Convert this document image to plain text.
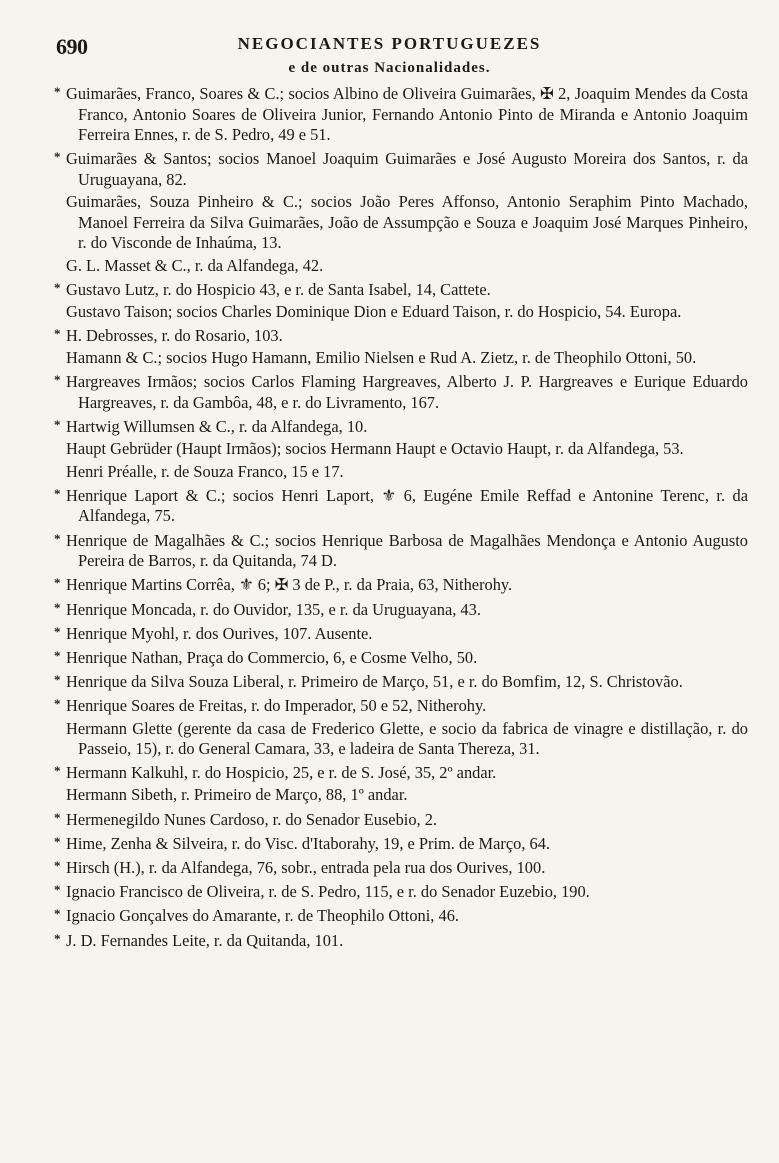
690	NEGOCIANTES PORTUGUEZES
e de outras Nacionalidades.

* Guimarães, Franco, Soares & C.; socios Albino de Oliveira Guimarães, ✠ 2, Joaquim Mendes da Costa Franco, Antonio Soares de Oliveira Junior, Fernando Antonio Pinto de Miranda e Antonio Joaquim Ferreira Ennes, r. de S. Pedro, 49 e 51.

* Guimarães & Santos; socios Manoel Joaquim Guimarães e José Augusto Moreira dos Santos, r. da Uruguayana, 82.

Guimarães, Souza Pinheiro & C.; socios João Peres Affonso, Antonio Seraphim Pinto Machado, Manoel Ferreira da Silva Guimarães, João de Assumpção e Souza e Joaquim José Marques Pinheiro, r. do Visconde de Inhaúma, 13.

G. L. Masset & C., r. da Alfandega, 42.

* Gustavo Lutz, r. do Hospicio 43, e r. de Santa Isabel, 14, Cattete.

Gustavo Taison; socios Charles Dominique Dion e Eduard Taison, r. do Hospicio, 54. Europa.

* H. Debrosses, r. do Rosario, 103.

Hamann & C.; socios Hugo Hamann, Emilio Nielsen e Rud A. Zietz, r. de Theophilo Ottoni, 50.

* Hargreaves Irmãos; socios Carlos Flaming Hargreaves, Alberto J. P. Hargreaves e Eurique Eduardo Hargreaves, r. da Gambôa, 48, e r. do Livramento, 167.

* Hartwig Willumsen & C., r. da Alfandega, 10.

Haupt Gebrüder (Haupt Irmãos); socios Hermann Haupt e Octavio Haupt, r. da Alfandega, 53.

Henri Préalle, r. de Souza Franco, 15 e 17.

* Henrique Laport & C.; socios Henri Laport, ⚜ 6, Eugéne Emile Reffad e Antonine Terenc, r. da Alfandega, 75.

* Henrique de Magalhães & C.; socios Henrique Barbosa de Magalhães Mendonça e Antonio Augusto Pereira de Barros, r. da Quitanda, 74 D.

* Henrique Martins Corrêa, ⚜ 6; ✠ 3 de P., r. da Praia, 63, Nitherohy.

* Henrique Moncada, r. do Ouvidor, 135, e r. da Uruguayana, 43.

* Henrique Myohl, r. dos Ourives, 107. Ausente.

* Henrique Nathan, Praça do Commercio, 6, e Cosme Velho, 50.

* Henrique da Silva Souza Liberal, r. Primeiro de Março, 51, e r. do Bomfim, 12, S. Christovão.

* Henrique Soares de Freitas, r. do Imperador, 50 e 52, Nitherohy.

Hermann Glette (gerente da casa de Frederico Glette, e socio da fabrica de vinagre e distillação, r. do Passeio, 15), r. do General Camara, 33, e ladeira de Santa Thereza, 31.

* Hermann Kalkuhl, r. do Hospicio, 25, e r. de S. José, 35, 2º andar.

Hermann Sibeth, r. Primeiro de Março, 88, 1º andar.

* Hermenegildo Nunes Cardoso, r. do Senador Eusebio, 2.

* Hime, Zenha & Silveira, r. do Visc. d'Itaborahy, 19, e Prim. de Março, 64.

* Hirsch (H.), r. da Alfandega, 76, sobr., entrada pela rua dos Ourives, 100.

* Ignacio Francisco de Oliveira, r. de S. Pedro, 115, e r. do Senador Euzebio, 190.

* Ignacio Gonçalves do Amarante, r. de Theophilo Ottoni, 46.

* J. D. Fernandes Leite, r. da Quitanda, 101.
